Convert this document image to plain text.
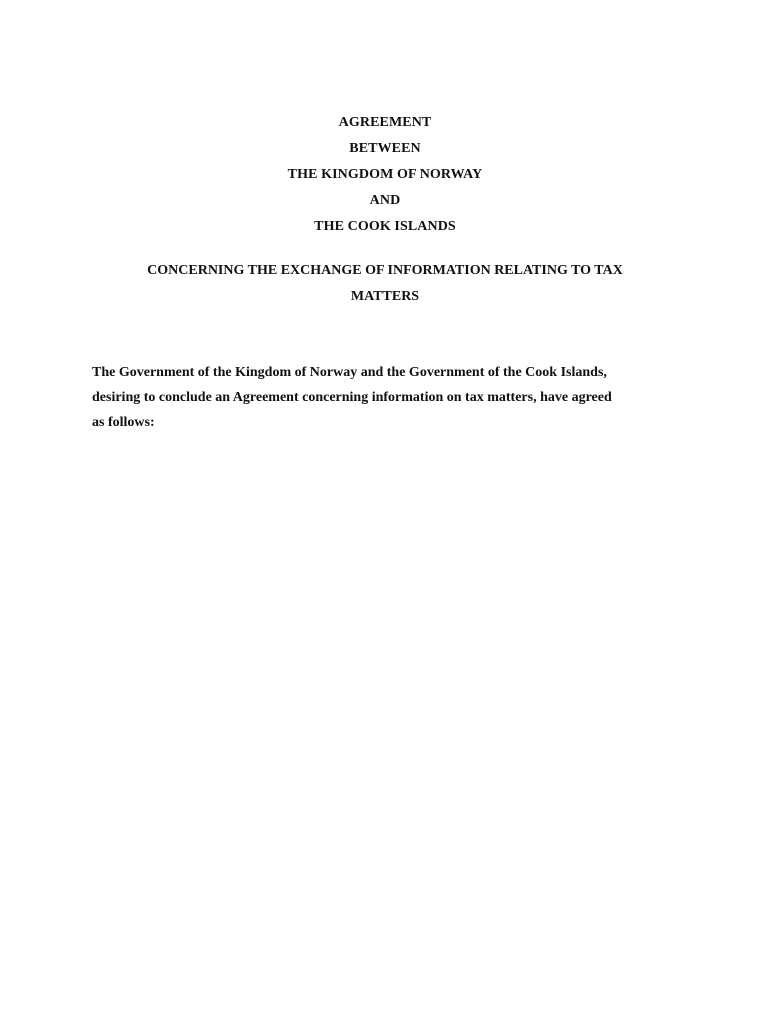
AGREEMENT
BETWEEN
THE KINGDOM OF NORWAY
AND
THE COOK ISLANDS
CONCERNING THE EXCHANGE OF INFORMATION RELATING TO TAX
MATTERS
The Government of the Kingdom of Norway and the Government of the Cook Islands,
desiring to conclude an Agreement concerning information on tax matters, have agreed
as follows:
